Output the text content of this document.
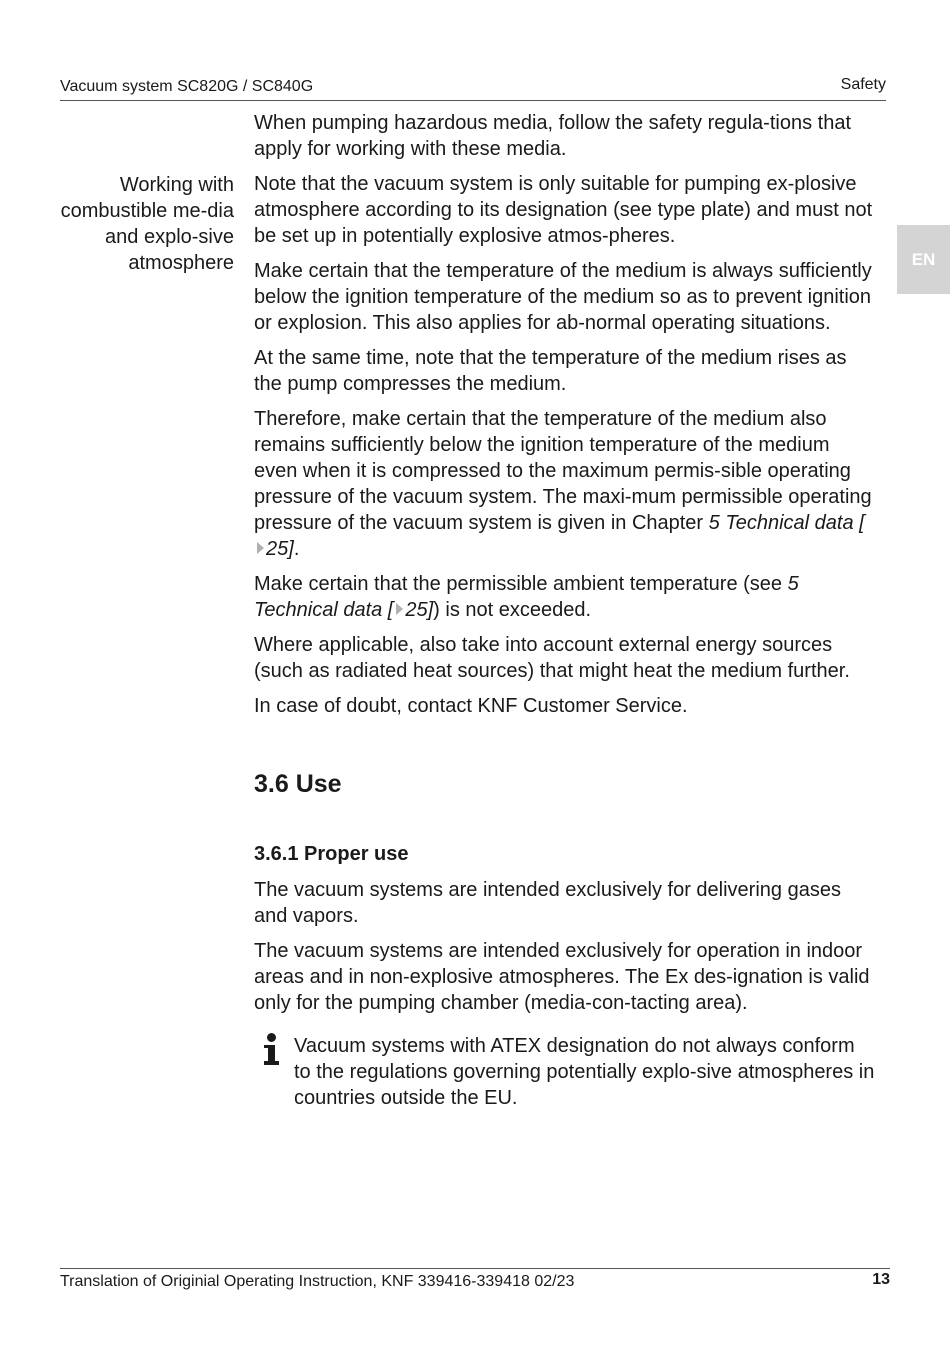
Vacuum system SC820G / SC840G	Safety
EN
Working with combustible me-dia and explo-sive atmosphere

When pumping hazardous media, follow the safety regula-tions that apply for working with these media.

Note that the vacuum system is only suitable for pumping ex-plosive atmosphere according to its designation (see type plate) and must not be set up in potentially explosive atmos-pheres.

Make certain that the temperature of the medium is always sufficiently below the ignition temperature of the medium so as to prevent ignition or explosion. This also applies for ab-normal operating situations.

At the same time, note that the temperature of the medium rises as the pump compresses the medium.

Therefore, make certain that the temperature of the medium also remains sufficiently below the ignition temperature of the medium even when it is compressed to the maximum permis-sible operating pressure of the vacuum system. The maxi-mum permissible operating pressure of the vacuum system is given in Chapter 5 Technical data [25].

Make certain that the permissible ambient temperature (see 5 Technical data [ 25]) is not exceeded.

Where applicable, also take into account external energy sources (such as radiated heat sources) that might heat the medium further.

In case of doubt, contact KNF Customer Service.

3.6 Use
3.6.1 Proper use

The vacuum systems are intended exclusively for delivering gases and vapors.

The vacuum systems are intended exclusively for operation in indoor areas and in non-explosive atmospheres. The Ex des-ignation is valid only for the pumping chamber (media-con-tacting area).

Vacuum systems with ATEX designation do not always conform to the regulations governing potentially explo-sive atmospheres in countries outside the EU.
Translation of Originial Operating Instruction, KNF 339416-339418 02/23	13
